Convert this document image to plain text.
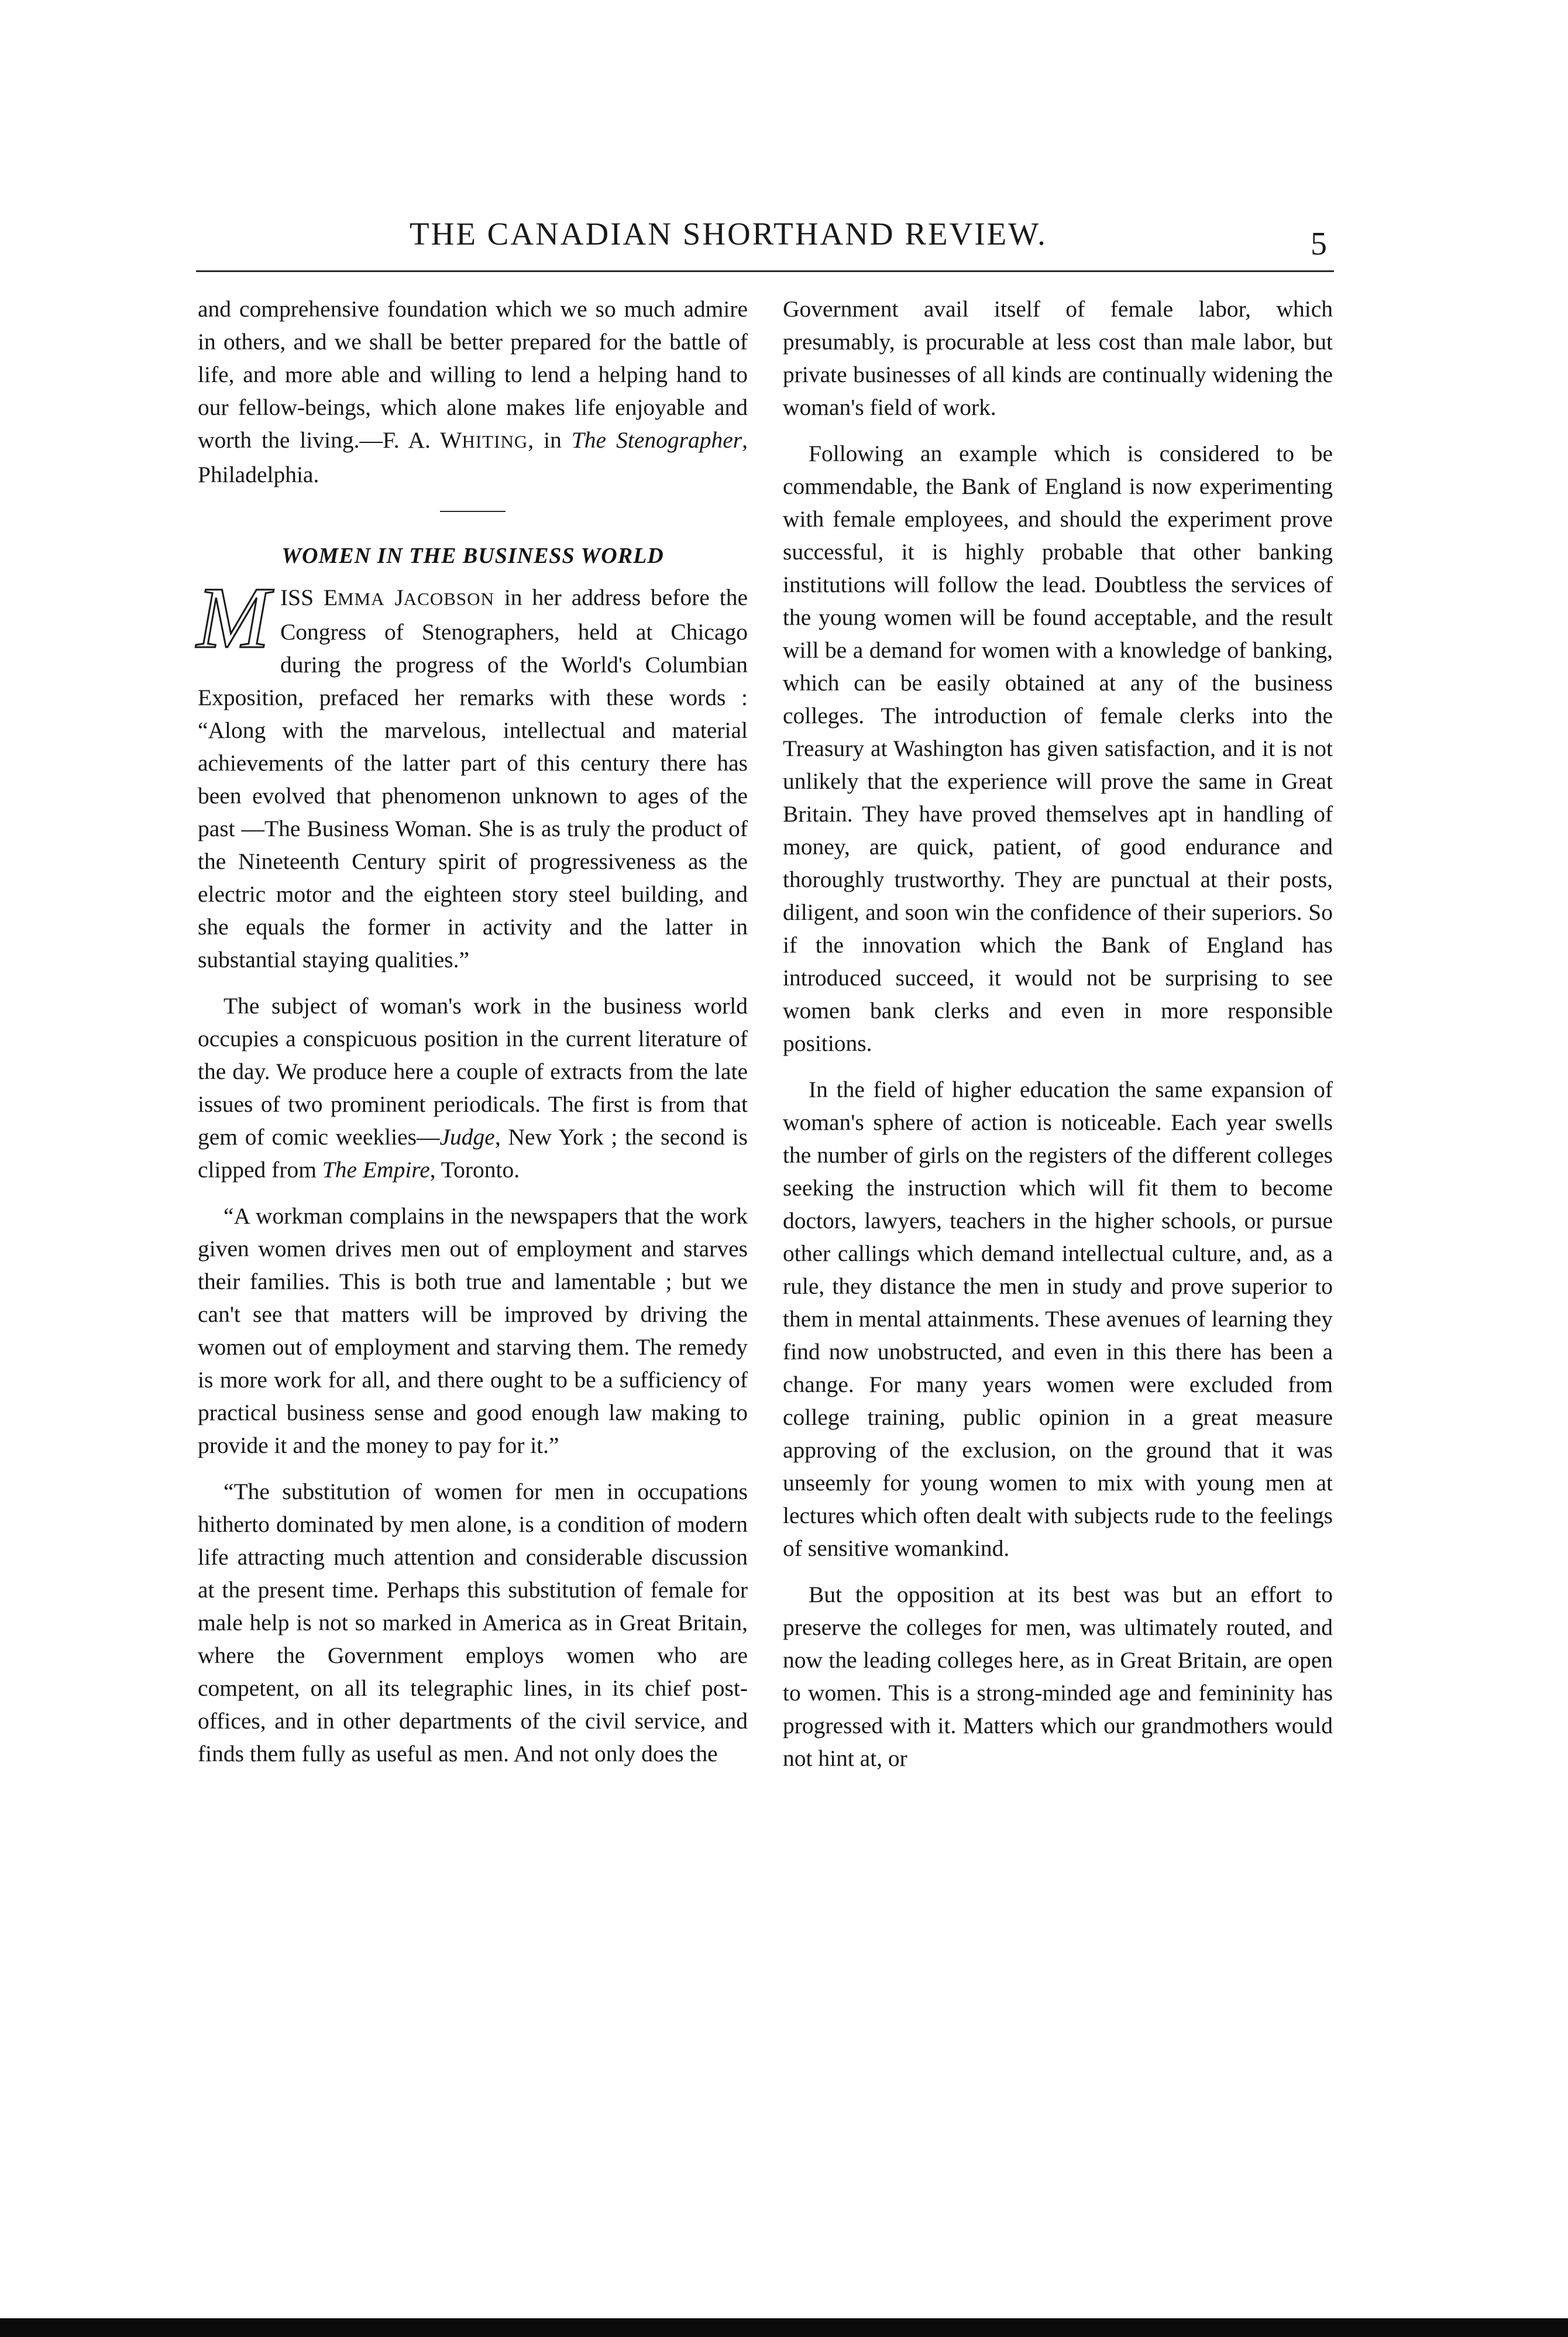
THE CANADIAN SHORTHAND REVIEW.	5

and comprehensive foundation which we so much admire in others, and we shall be better prepared for the battle of life, and more able and willing to lend a helping hand to our fellow-beings, which alone makes life enjoyable and worth the living.—F. A. WHITING, in The Stenographer, Philadelphia.

WOMEN IN THE BUSINESS WORLD

MISS EMMA JACOBSON in her address before the Congress of Stenographers, held at Chicago during the progress of the World's Columbian Exposition, prefaced her remarks with these words : “Along with the marvelous, intellectual and material achievements of the latter part of this century there has been evolved that phenomenon unknown to ages of the past —The Business Woman. She is as truly the product of the Nineteenth Century spirit of progressiveness as the electric motor and the eighteen story steel building, and she equals the former in activity and the latter in substantial staying qualities.”

The subject of woman's work in the business world occupies a conspicuous position in the current literature of the day. We produce here a couple of extracts from the late issues of two prominent periodicals. The first is from that gem of comic weeklies—Judge, New York ; the second is clipped from The Empire, Toronto.

“A workman complains in the newspapers that the work given women drives men out of employment and starves their families. This is both true and lamentable ; but we can't see that matters will be improved by driving the women out of employment and starving them. The remedy is more work for all, and there ought to be a sufficiency of practical business sense and good enough law making to provide it and the money to pay for it.”

“The substitution of women for men in occupations hitherto dominated by men alone, is a condition of modern life attracting much attention and considerable discussion at the present time. Perhaps this substitution of female for male help is not so marked in America as in Great Britain, where the Government employs women who are competent, on all its telegraphic lines, in its chief post-offices, and in other departments of the civil service, and finds them fully as useful as men. And not only does the

Government avail itself of female labor, which presumably, is procurable at less cost than male labor, but private businesses of all kinds are continually widening the woman's field of work.

Following an example which is considered to be commendable, the Bank of England is now experimenting with female employees, and should the experiment prove successful, it is highly probable that other banking institutions will follow the lead. Doubtless the services of the young women will be found acceptable, and the result will be a demand for women with a knowledge of banking, which can be easily obtained at any of the business colleges. The introduction of female clerks into the Treasury at Washington has given satisfaction, and it is not unlikely that the experience will prove the same in Great Britain. They have proved themselves apt in handling of money, are quick, patient, of good endurance and thoroughly trustworthy. They are punctual at their posts, diligent, and soon win the confidence of their superiors. So if the innovation which the Bank of England has introduced succeed, it would not be surprising to see women bank clerks and even in more responsible positions.

In the field of higher education the same expansion of woman's sphere of action is noticeable. Each year swells the number of girls on the registers of the different colleges seeking the instruction which will fit them to become doctors, lawyers, teachers in the higher schools, or pursue other callings which demand intellectual culture, and, as a rule, they distance the men in study and prove superior to them in mental attainments. These avenues of learning they find now unobstructed, and even in this there has been a change. For many years women were excluded from college training, public opinion in a great measure approving of the exclusion, on the ground that it was unseemly for young women to mix with young men at lectures which often dealt with subjects rude to the feelings of sensitive womankind.

But the opposition at its best was but an effort to preserve the colleges for men, was ultimately routed, and now the leading colleges here, as in Great Britain, are open to women. This is a strong-minded age and femininity has progressed with it. Matters which our grandmothers would not hint at, or
